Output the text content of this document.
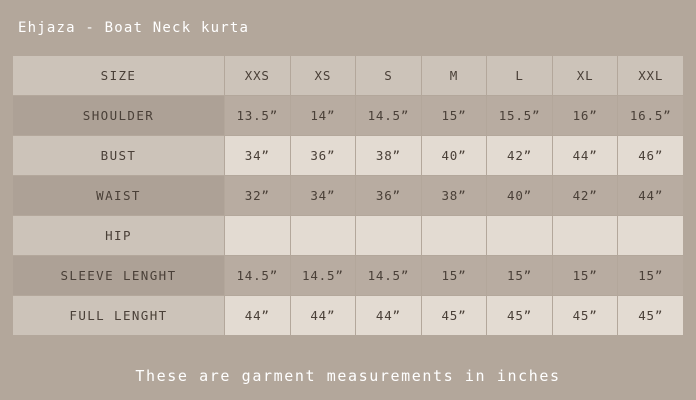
Ehjaza - Boat Neck kurta
SIZE	XXS	XS	S	M	L	XL	XXL
SHOULDER	13.5”	14”	14.5”	15”	15.5”	16”	16.5”
BUST	34”	36”	38”	40”	42”	44”	46”
WAIST	32”	34”	36”	38”	40”	42”	44”
HIP							
SLEEVE LENGHT	14.5”	14.5”	14.5”	15”	15”	15”	15”
FULL LENGHT	44”	44”	44”	45”	45”	45”	45”
These are garment measurements in inches
